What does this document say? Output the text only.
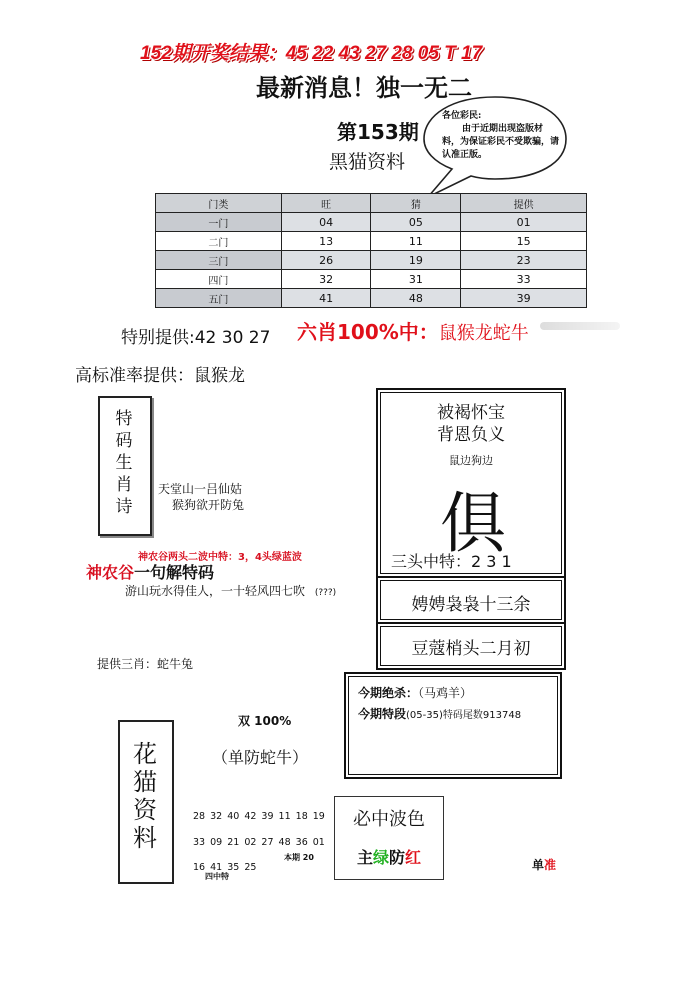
152期开奖结果：45 22 43 27 28 05 T 17
最新消息！独一无二
第153期
黑猫资料
各位彩民:
由于近期出现盗版材料，为保证彩民不受欺骗，请认准正版。
门类	旺	猜	提供
一门	04	05	01
二门	13	11	15
三门	26	19	23
四门	32	31	33
五门	41	48	39
特别提供:42 30 27 六肖100%中：鼠猴龙蛇牛
高标准率提供：鼠猴龙
特
码
生
肖
诗
天堂山一吕仙姑
猴狗欲开防兔
神农谷两头二波中特：3，4头绿蓝波
神农谷一句解特码
游山玩水得佳人，一十轻风四七吹 (???)
提供三肖：蛇牛兔
被褐怀宝
背恩负义
鼠边狗边
俱
三头中特：2 3 1
娉娉袅袅十三余
豆蔻梢头二月初
今期绝杀：（马鸡羊）
今期特段(05-35)特码尾数913748
双 100%
（单防蛇牛）
花
猫
资
料
28 32 40 42 39 11 18 19
33 09 21 02 27 48 36 01
16 41 35 25
本期 20
四中特
必中波色
主绿防红	单准
